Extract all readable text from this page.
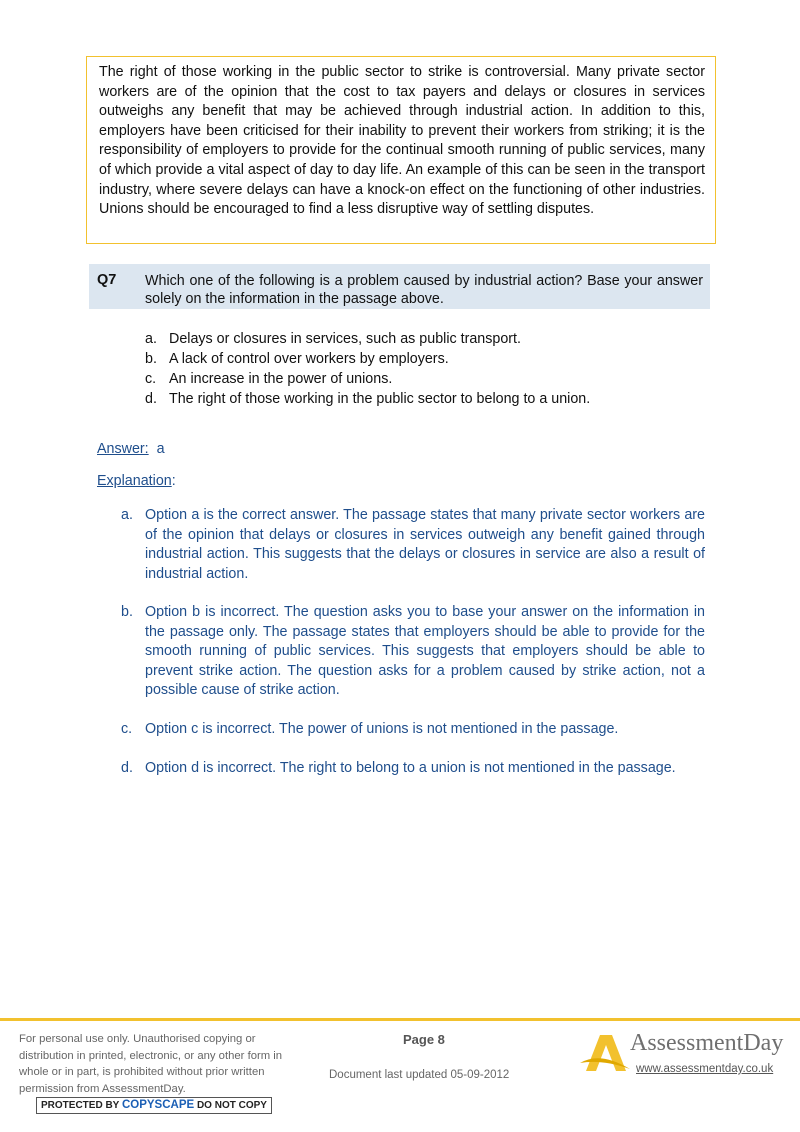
The right of those working in the public sector to strike is controversial. Many private sector workers are of the opinion that the cost to tax payers and delays or closures in services outweighs any benefit that may be achieved through industrial action. In addition to this, employers have been criticised for their inability to prevent their workers from striking; it is the responsibility of employers to provide for the continual smooth running of public services, many of which provide a vital aspect of day to day life. An example of this can be seen in the transport industry, where severe delays can have a knock-on effect on the functioning of other industries. Unions should be encouraged to find a less disruptive way of settling disputes.
Q7 Which one of the following is a problem caused by industrial action? Base your answer solely on the information in the passage above.
a. Delays or closures in services, such as public transport.
b. A lack of control over workers by employers.
c. An increase in the power of unions.
d. The right of those working in the public sector to belong to a union.
Answer: a
Explanation:
a. Option a is the correct answer. The passage states that many private sector workers are of the opinion that delays or closures in services outweigh any benefit gained through industrial action. This suggests that the delays or closures in service are also a result of industrial action.
b. Option b is incorrect. The question asks you to base your answer on the information in the passage only. The passage states that employers should be able to provide for the smooth running of public services. This suggests that employers should be able to prevent strike action. The question asks for a problem caused by strike action, not a possible cause of strike action.
c. Option c is incorrect. The power of unions is not mentioned in the passage.
d. Option d is incorrect. The right to belong to a union is not mentioned in the passage.
For personal use only. Unauthorised copying or distribution in printed, electronic, or any other form in whole or in part, is prohibited without prior written permission from AssessmentDay.
PROTECTED BY COPYSCAPE DO NOT COPY
Page 8
Document last updated 05-09-2012
AssessmentDay
www.assessmentday.co.uk
